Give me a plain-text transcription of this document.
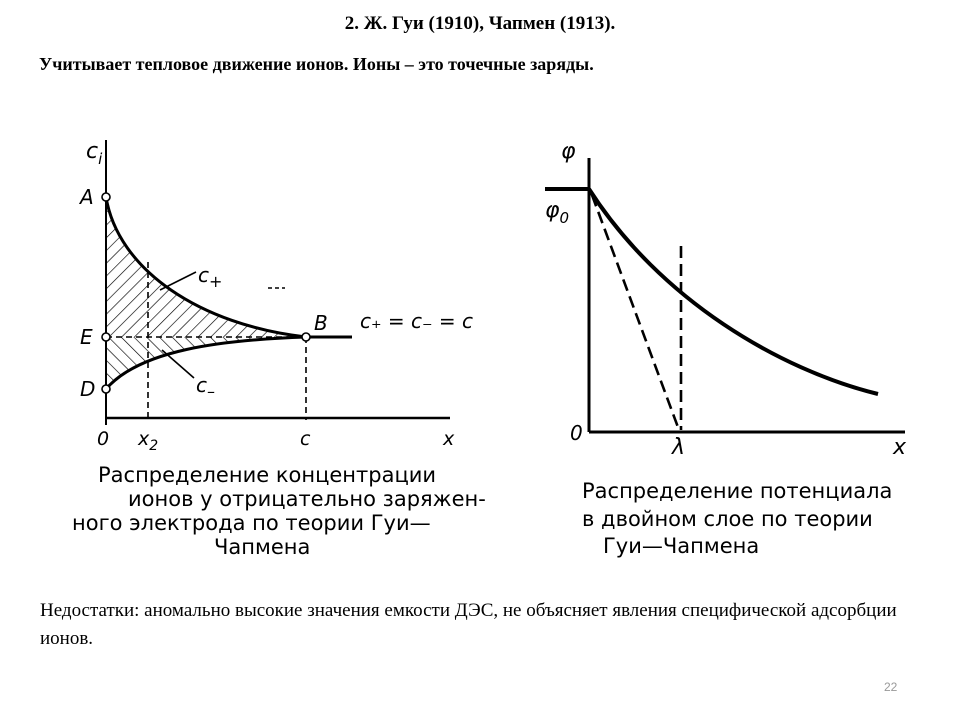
2. Ж. Гуи (1910), Чапмен (1913).
Учитывает тепловое движение ионов. Ионы – это точечные заряды.
$c_i$
A
E
D
B
$c_+$
$c_-$
c₊ = c₋ = c
0 $x_2$	c	x
Распределение концентрации
ионов у отрицательно заряжен-
ного электрода по теории Гуи—
Чапмена
φ
$\varphi_0$
0
λ	x
Распределение потенциала
в двойном слое по теории
Гуи—Чапмена
Недостатки: аномально высокие значения емкости ДЭС, не объясняет явления специфической адсорбции ионов.
22
